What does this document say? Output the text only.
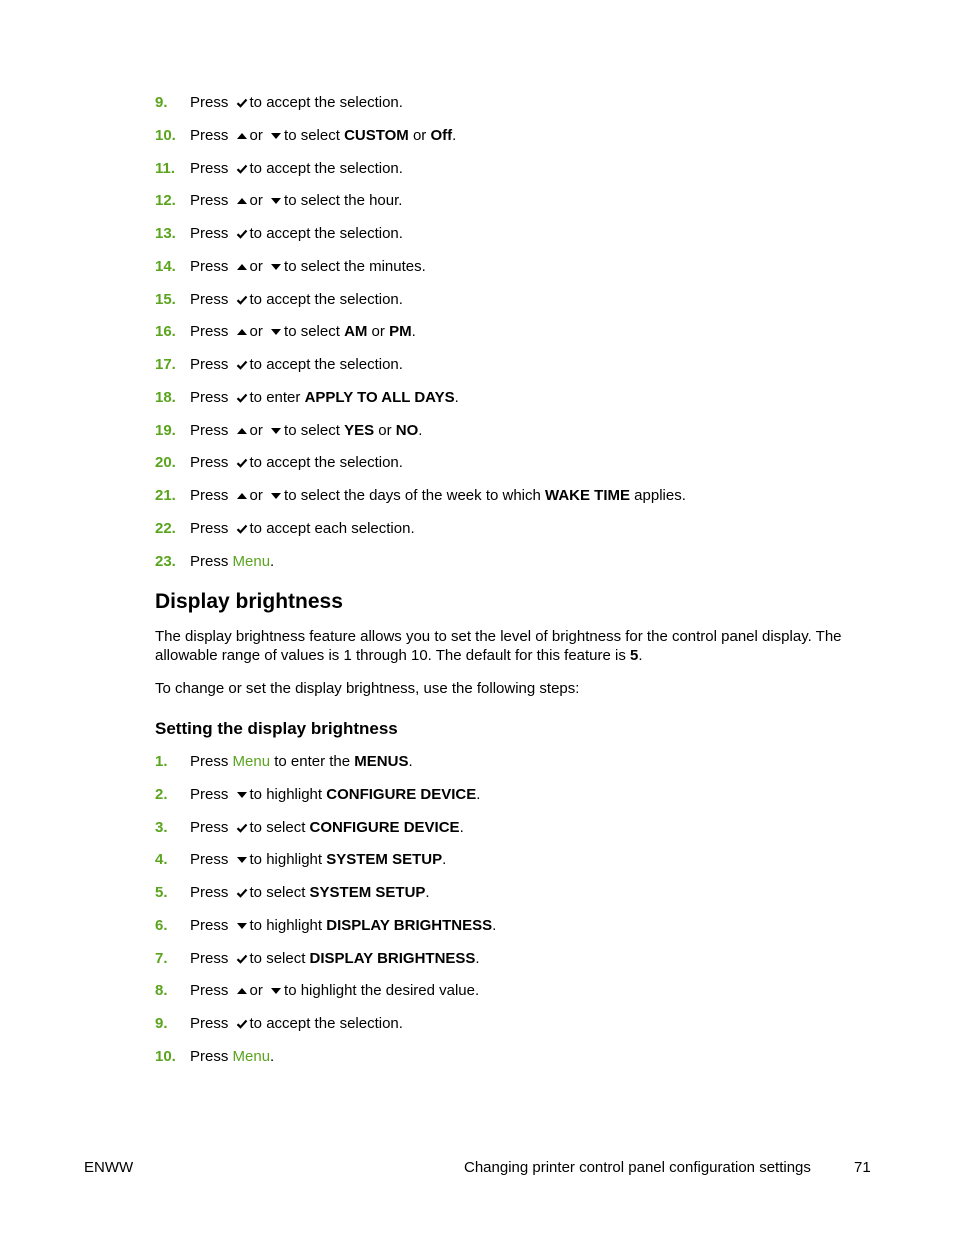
9.	Press
to accept the selection.
10. Press
or
to select CUSTOM or Off.
11. Press
to accept the selection.
12. Press
or
to select the hour.
13. Press
to accept the selection.
14. Press
or
to select the minutes.
15. Press
to accept the selection.
16. Press
or
to select AM or PM.
17. Press
to accept the selection.
18. Press
to enter APPLY TO ALL DAYS.
19. Press
or
to select YES or NO.
20. Press
to accept the selection.
21. Press
or
to select the days of the week to which WAKE TIME applies.
22. Press
to accept each selection.
23. Press Menu.
Display brightness

The display brightness feature allows you to set the level of brightness for the control panel display. The allowable range of values is 1 through 10. The default for this feature is 5.

To change or set the display brightness, use the following steps:

Setting the display brightness
1.	Press Menu to enter the MENUS.
2.	Press
to highlight CONFIGURE DEVICE.
3.	Press
to select CONFIGURE DEVICE.
4.	Press
to highlight SYSTEM SETUP.
5.	Press
to select SYSTEM SETUP.
6.	Press
to highlight DISPLAY BRIGHTNESS.
7.	Press
to select DISPLAY BRIGHTNESS.
8.	Press
or
to highlight the desired value.
9.	Press
to accept the selection.
10. Press Menu.
ENWW	Changing printer control panel configuration settings	71
